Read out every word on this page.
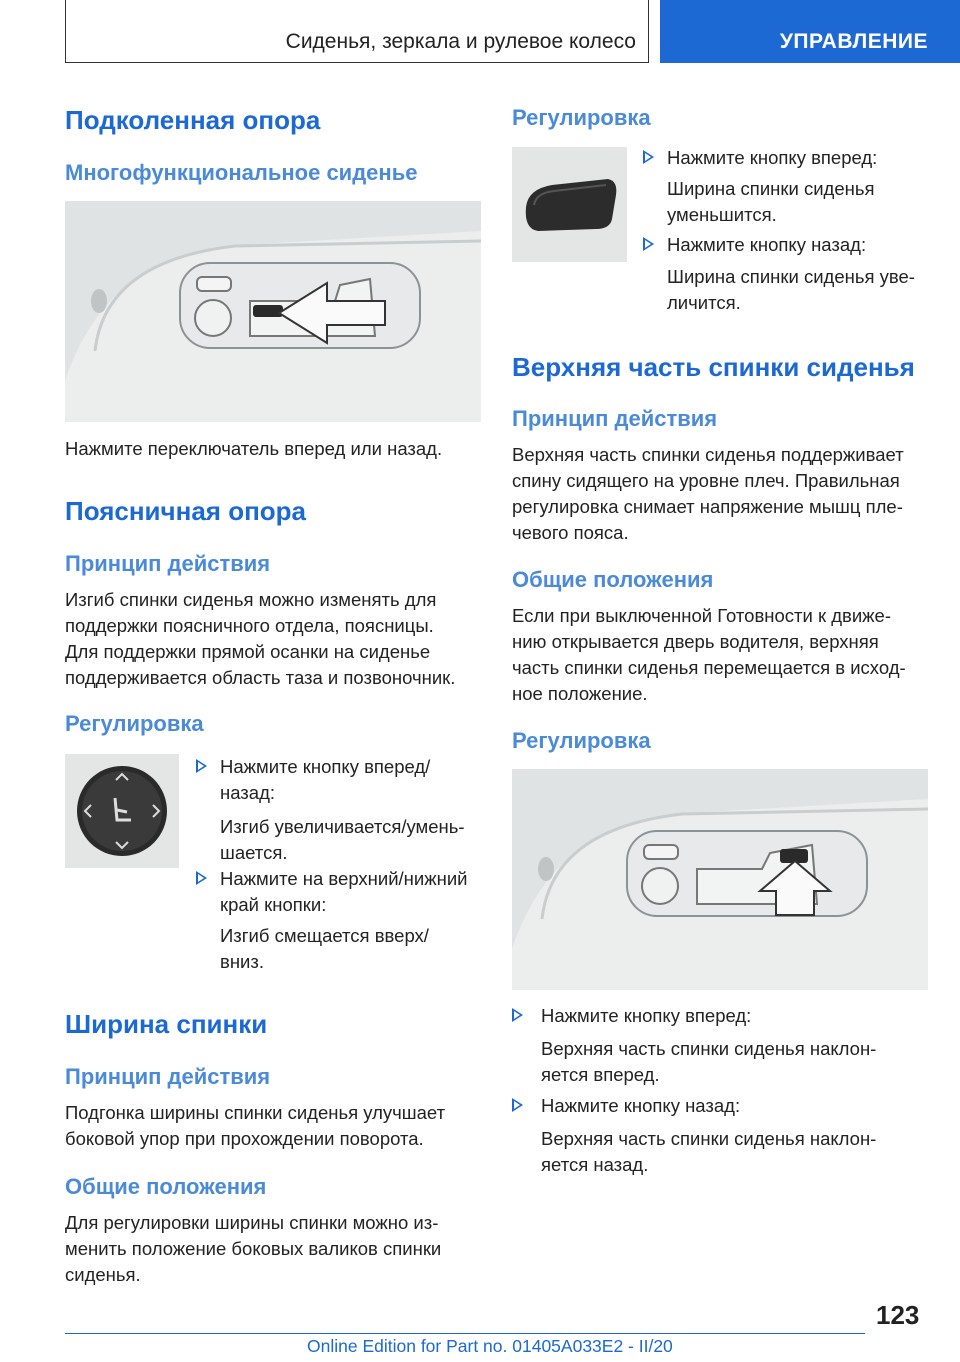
Сиденья, зеркала и рулевое колесо	УПРАВЛЕНИЕ
Подколенная опора
Многофункциональное сиденье

Нажмите переключатель вперед или назад.

Поясничная опора
Принцип действия

Изгиб спинки сиденья можно изменять для

поддержки поясничного отдела, поясницы.

Для поддержки прямой осанки на сиденье

поддерживается область таза и позвоночник.

Регулировка
Нажмите кнопку вперед/
назад:
Изгиб увеличивается/умень-
шается.
Нажмите на верхний/нижний
край кнопки:
Изгиб смещается вверх/
вниз.
Ширина спинки
Принцип действия

Подгонка ширины спинки сиденья улучшает

боковой упор при прохождении поворота.

Общие положения

Для регулировки ширины спинки можно из-

менить положение боковых валиков спинки

сиденья.

Регулировка
Нажмите кнопку вперед:
Ширина спинки сиденья
уменьшится.
Нажмите кнопку назад:
Ширина спинки сиденья уве-
личится.
Верхняя часть спинки сиденья
Принцип действия

Верхняя часть спинки сиденья поддерживает

спину сидящего на уровне плеч. Правильная

регулировка снимает напряжение мышц пле-

чевого пояса.

Общие положения

Если при выключенной Готовности к движе-

нию открывается дверь водителя, верхняя

часть спинки сиденья перемещается в исход-

ное положение.

Регулировка
Нажмите кнопку вперед:
Верхняя часть спинки сиденья наклон-
яется вперед.
Нажмите кнопку назад:
Верхняя часть спинки сиденья наклон-
яется назад.
123
Online Edition for Part no. 01405A033E2 - II/20
